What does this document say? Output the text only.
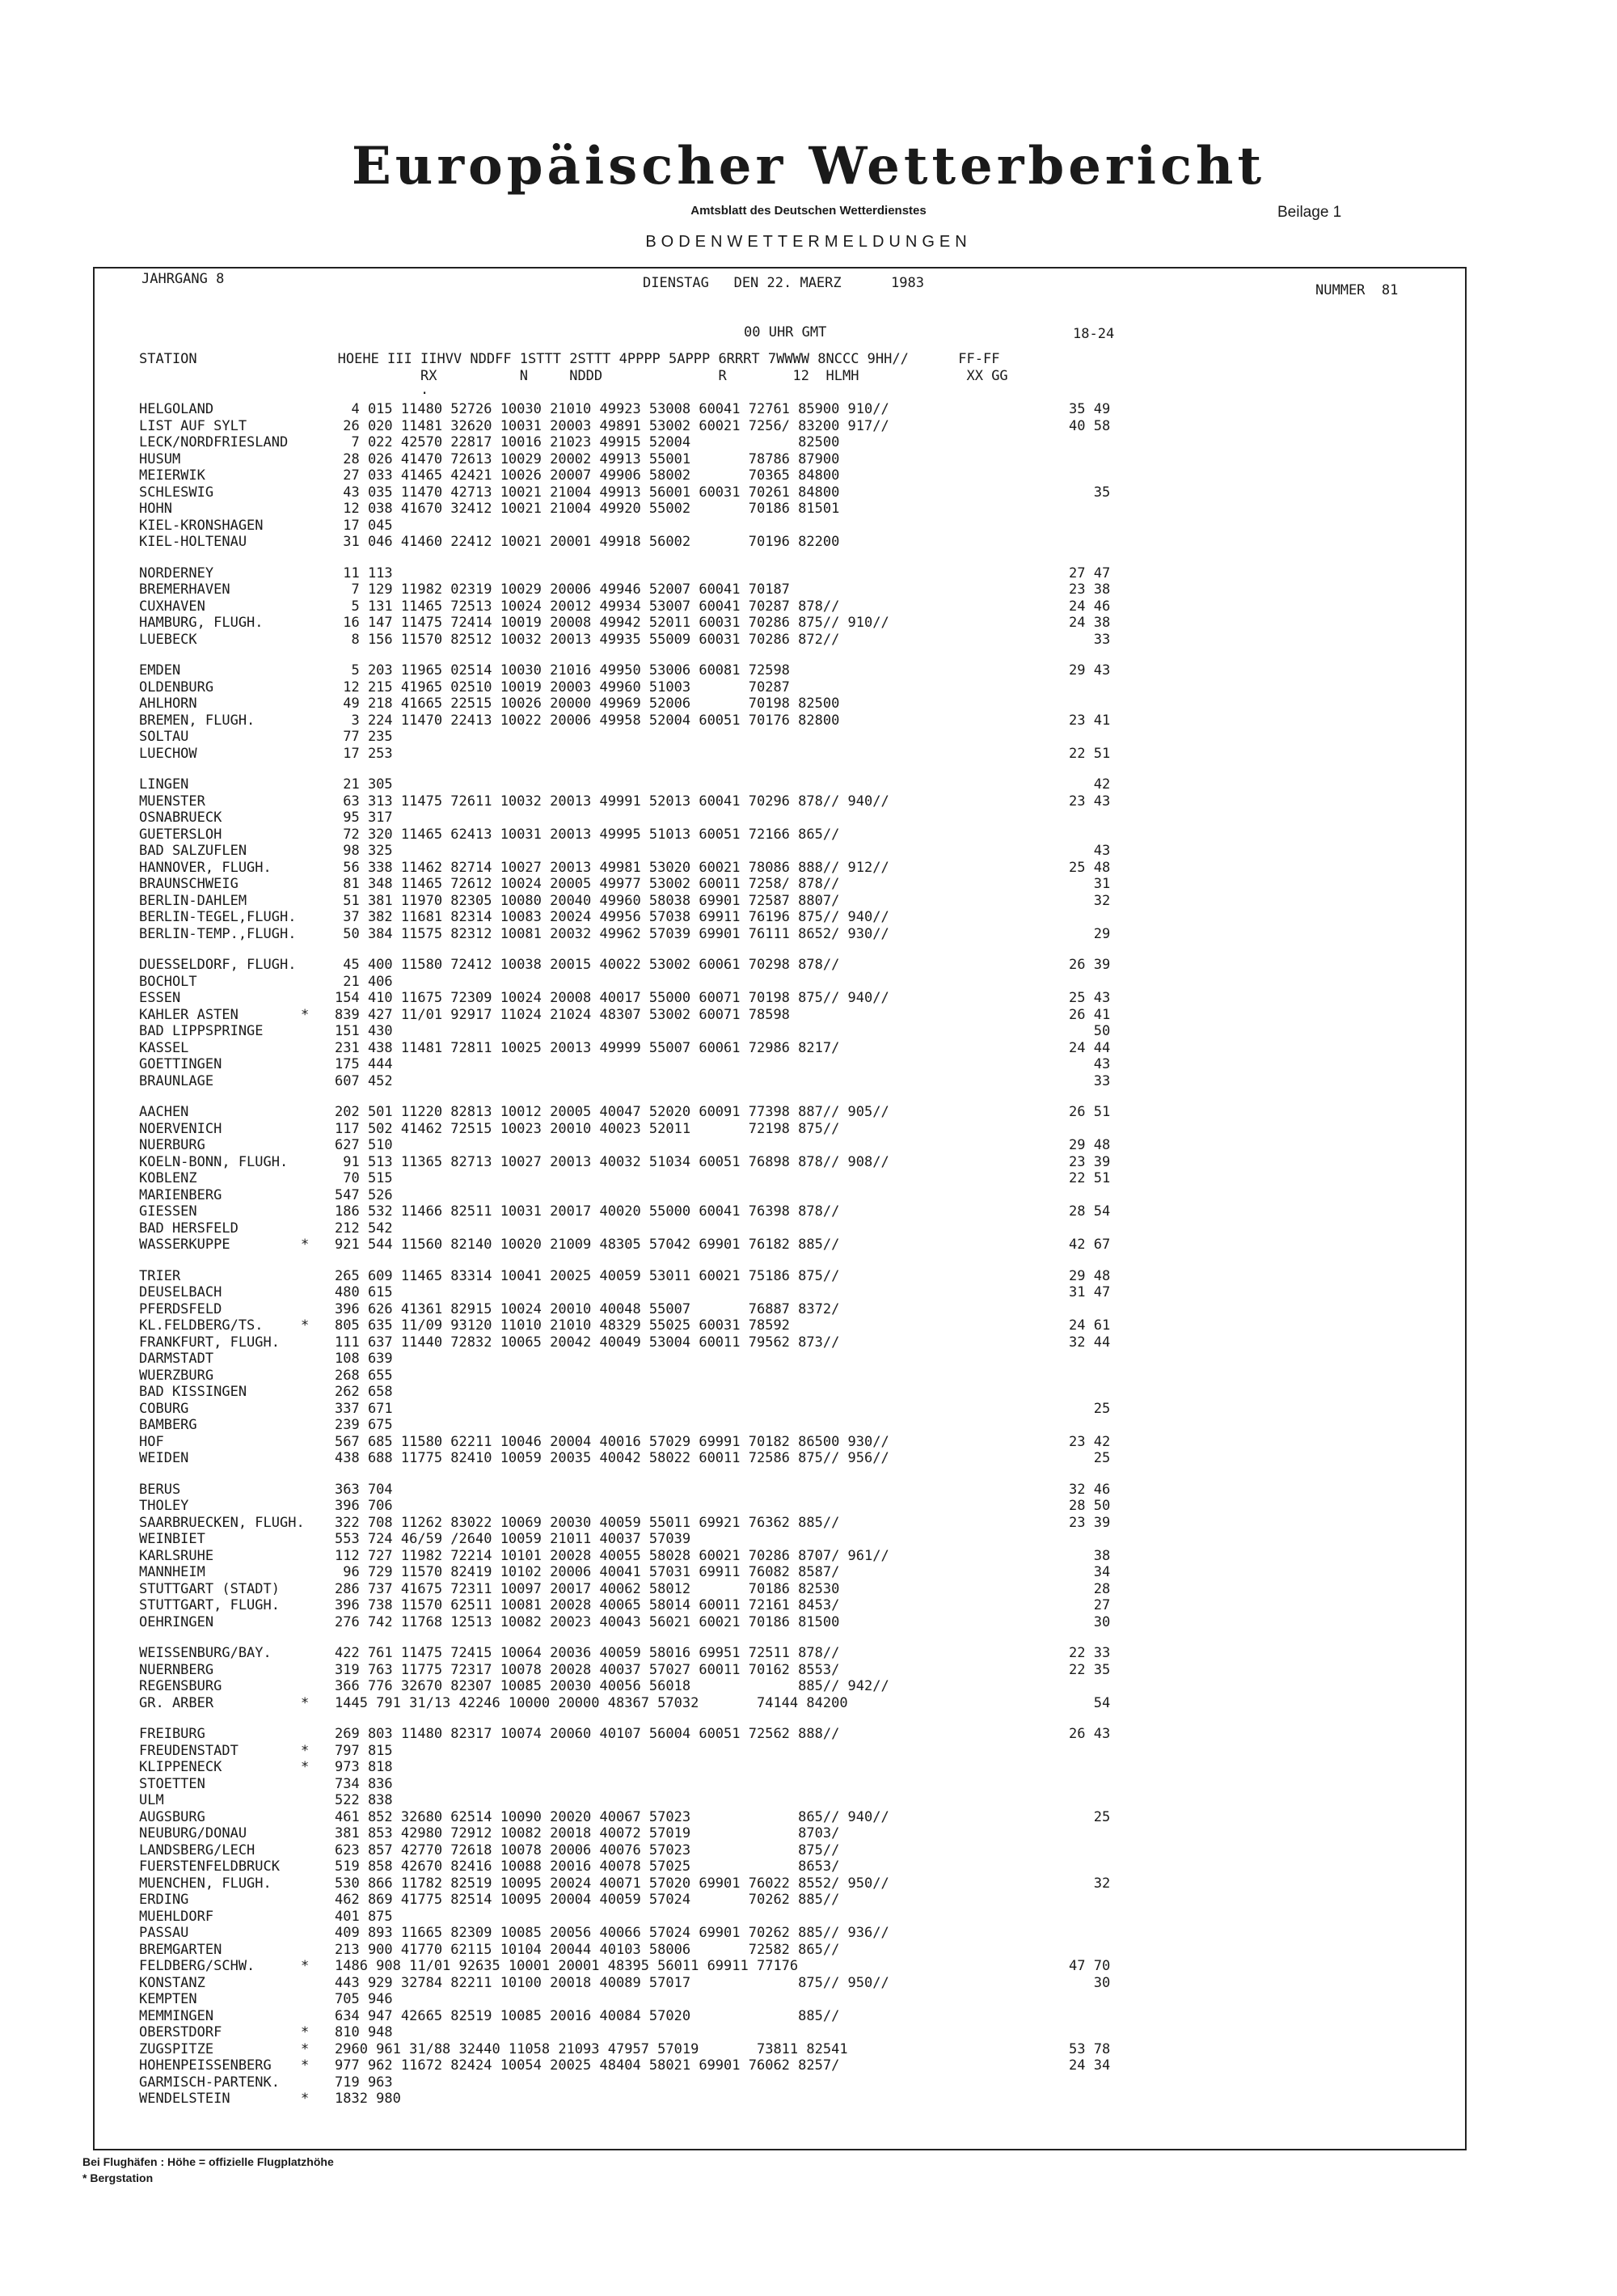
Europäischer Wetterbericht
Amtsblatt des Deutschen Wetterdienstes	Beilage 1
BODENWETTERMELDUNGEN
JAHRGANG 8	DIENSTAG   DEN 22. MAERZ      1983	NUMMER  81
00 UHR GMT	18-24
STATION                 HOEHE III IIHVV NDDFF 1STTT 2STTT 4PPPP 5APPP 6RRRT 7WWWW 8NCCC 9HH//      FF-FF
RX          N     NDDD              R        12  HLMH             XX GG
.
HELGOLAND	4 015 11480 52726 10030 21010 49923 53008 60041 72761 85900 910//	35 49
LIST AUF SYLT	26 020 11481 32620 10031 20003 49891 53002 60021 7256/ 83200 917//	40 58
LECK/NORDFRIESLAND	7 022 42570 22817 10016 21023 49915 52004             82500
HUSUM	28 026 41470 72613 10029 20002 49913 55001       78786 87900
MEIERWIK	27 033 41465 42421 10026 20007 49906 58002       70365 84800
SCHLESWIG	43 035 11470 42713 10021 21004 49913 56001 60031 70261 84800	35
HOHN	12 038 41670 32412 10021 21004 49920 55002       70186 81501
KIEL-KRONSHAGEN	17 045
KIEL-HOLTENAU	31 046 41460 22412 10021 20001 49918 56002       70196 82200
NORDERNEY	11 113	27 47
BREMERHAVEN	7 129 11982 02319 10029 20006 49946 52007 60041 70187	23 38
CUXHAVEN	5 131 11465 72513 10024 20012 49934 53007 60041 70287 878//	24 46
HAMBURG, FLUGH.	16 147 11475 72414 10019 20008 49942 52011 60031 70286 875// 910//	24 38
LUEBECK	8 156 11570 82512 10032 20013 49935 55009 60031 70286 872//	33
EMDEN	5 203 11965 02514 10030 21016 49950 53006 60081 72598	29 43
OLDENBURG	12 215 41965 02510 10019 20003 49960 51003       70287
AHLHORN	49 218 41665 22515 10026 20000 49969 52006       70198 82500
BREMEN, FLUGH.	3 224 11470 22413 10022 20006 49958 52004 60051 70176 82800	23 41
SOLTAU	77 235
LUECHOW	17 253	22 51
LINGEN	21 305	42
MUENSTER	63 313 11475 72611 10032 20013 49991 52013 60041 70296 878// 940//	23 43
OSNABRUECK	95 317
GUETERSLOH	72 320 11465 62413 10031 20013 49995 51013 60051 72166 865//
BAD SALZUFLEN	98 325	43
HANNOVER, FLUGH.	56 338 11462 82714 10027 20013 49981 53020 60021 78086 888// 912//	25 48
BRAUNSCHWEIG	81 348 11465 72612 10024 20005 49977 53002 60011 7258/ 878//	31
BERLIN-DAHLEM	51 381 11970 82305 10080 20040 49960 58038 69901 72587 8807/	32
BERLIN-TEGEL,FLUGH.	37 382 11681 82314 10083 20024 49956 57038 69911 76196 875// 940//
BERLIN-TEMP.,FLUGH.	50 384 11575 82312 10081 20032 49962 57039 69901 76111 8652/ 930//	29
DUESSELDORF, FLUGH.	45 400 11580 72412 10038 20015 40022 53002 60061 70298 878//	26 39
BOCHOLT	21 406
ESSEN	154 410 11675 72309 10024 20008 40017 55000 60071 70198 875// 940//	25 43
KAHLER ASTEN	* 839 427 11/01 92917 11024 21024 48307 53002 60071 78598	26 41
BAD LIPPSPRINGE	151 430	50
KASSEL	231 438 11481 72811 10025 20013 49999 55007 60061 72986 8217/	24 44
GOETTINGEN	175 444	43
BRAUNLAGE	607 452	33
AACHEN	202 501 11220 82813 10012 20005 40047 52020 60091 77398 887// 905//	26 51
NOERVENICH	117 502 41462 72515 10023 20010 40023 52011       72198 875//
NUERBURG	627 510	29 48
KOELN-BONN, FLUGH.	91 513 11365 82713 10027 20013 40032 51034 60051 76898 878// 908//	23 39
KOBLENZ	70 515	22 51
MARIENBERG	547 526
GIESSEN	186 532 11466 82511 10031 20017 40020 55000 60041 76398 878//	28 54
BAD HERSFELD	212 542
WASSERKUPPE	* 921 544 11560 82140 10020 21009 48305 57042 69901 76182 885//	42 67
TRIER	265 609 11465 83314 10041 20025 40059 53011 60021 75186 875//	29 48
DEUSELBACH	480 615	31 47
PFERDSFELD	396 626 41361 82915 10024 20010 40048 55007       76887 8372/
KL.FELDBERG/TS.	* 805 635 11/09 93120 11010 21010 48329 55025 60031 78592	24 61
FRANKFURT, FLUGH.	111 637 11440 72832 10065 20042 40049 53004 60011 79562 873//	32 44
DARMSTADT	108 639
WUERZBURG	268 655
BAD KISSINGEN	262 658
COBURG	337 671	25
BAMBERG	239 675
HOF	567 685 11580 62211 10046 20004 40016 57029 69991 70182 86500 930//	23 42
WEIDEN	438 688 11775 82410 10059 20035 40042 58022 60011 72586 875// 956//	25
BERUS	363 704	32 46
THOLEY	396 706	28 50
SAARBRUECKEN, FLUGH.	322 708 11262 83022 10069 20030 40059 55011 69921 76362 885//	23 39
WEINBIET	553 724 46/59 /2640 10059 21011 40037 57039
KARLSRUHE	112 727 11982 72214 10101 20028 40055 58028 60021 70286 8707/ 961//	38
MANNHEIM	96 729 11570 82419 10102 20006 40041 57031 69911 76082 8587/	34
STUTTGART (STADT)	286 737 41675 72311 10097 20017 40062 58012       70186 82530	28
STUTTGART, FLUGH.	396 738 11570 62511 10081 20028 40065 58014 60011 72161 8453/	27
OEHRINGEN	276 742 11768 12513 10082 20023 40043 56021 60021 70186 81500	30
WEISSENBURG/BAY.	422 761 11475 72415 10064 20036 40059 58016 69951 72511 878//	22 33
NUERNBERG	319 763 11775 72317 10078 20028 40037 57027 60011 70162 8553/	22 35
REGENSBURG	366 776 32670 82307 10085 20030 40056 56018             885// 942//
GR. ARBER	* 1445 791 31/13 42246 10000 20000 48367 57032       74144 84200	54
FREIBURG	269 803 11480 82317 10074 20060 40107 56004 60051 72562 888//	26 43
FREUDENSTADT	* 797 815
KLIPPENECK	* 973 818
STOETTEN	734 836
ULM	522 838
AUGSBURG	461 852 32680 62514 10090 20020 40067 57023             865// 940//	25
NEUBURG/DONAU	381 853 42980 72912 10082 20018 40072 57019             8703/
LANDSBERG/LECH	623 857 42770 72618 10078 20006 40076 57023             875//
FUERSTENFELDBRUCK	519 858 42670 82416 10088 20016 40078 57025             8653/
MUENCHEN, FLUGH.	530 866 11782 82519 10095 20024 40071 57020 69901 76022 8552/ 950//	32
ERDING	462 869 41775 82514 10095 20004 40059 57024       70262 885//
MUEHLDORF	401 875
PASSAU	409 893 11665 82309 10085 20056 40066 57024 69901 70262 885// 936//
BREMGARTEN	213 900 41770 62115 10104 20044 40103 58006       72582 865//
FELDBERG/SCHW.	* 1486 908 11/01 92635 10001 20001 48395 56011 69911 77176	47 70
KONSTANZ	443 929 32784 82211 10100 20018 40089 57017             875// 950//	30
KEMPTEN	705 946
MEMMINGEN	634 947 42665 82519 10085 20016 40084 57020             885//
OBERSTDORF	* 810 948
ZUGSPITZE	* 2960 961 31/88 32440 11058 21093 47957 57019       73811 82541	53 78
HOHENPEISSENBERG	* 977 962 11672 82424 10054 20025 48404 58021 69901 76062 8257/	24 34
GARMISCH-PARTENK.	719 963
WENDELSTEIN	* 1832 980
Bei Flughäfen : Höhe = offizielle Flugplatzhöhe
* Bergstation
